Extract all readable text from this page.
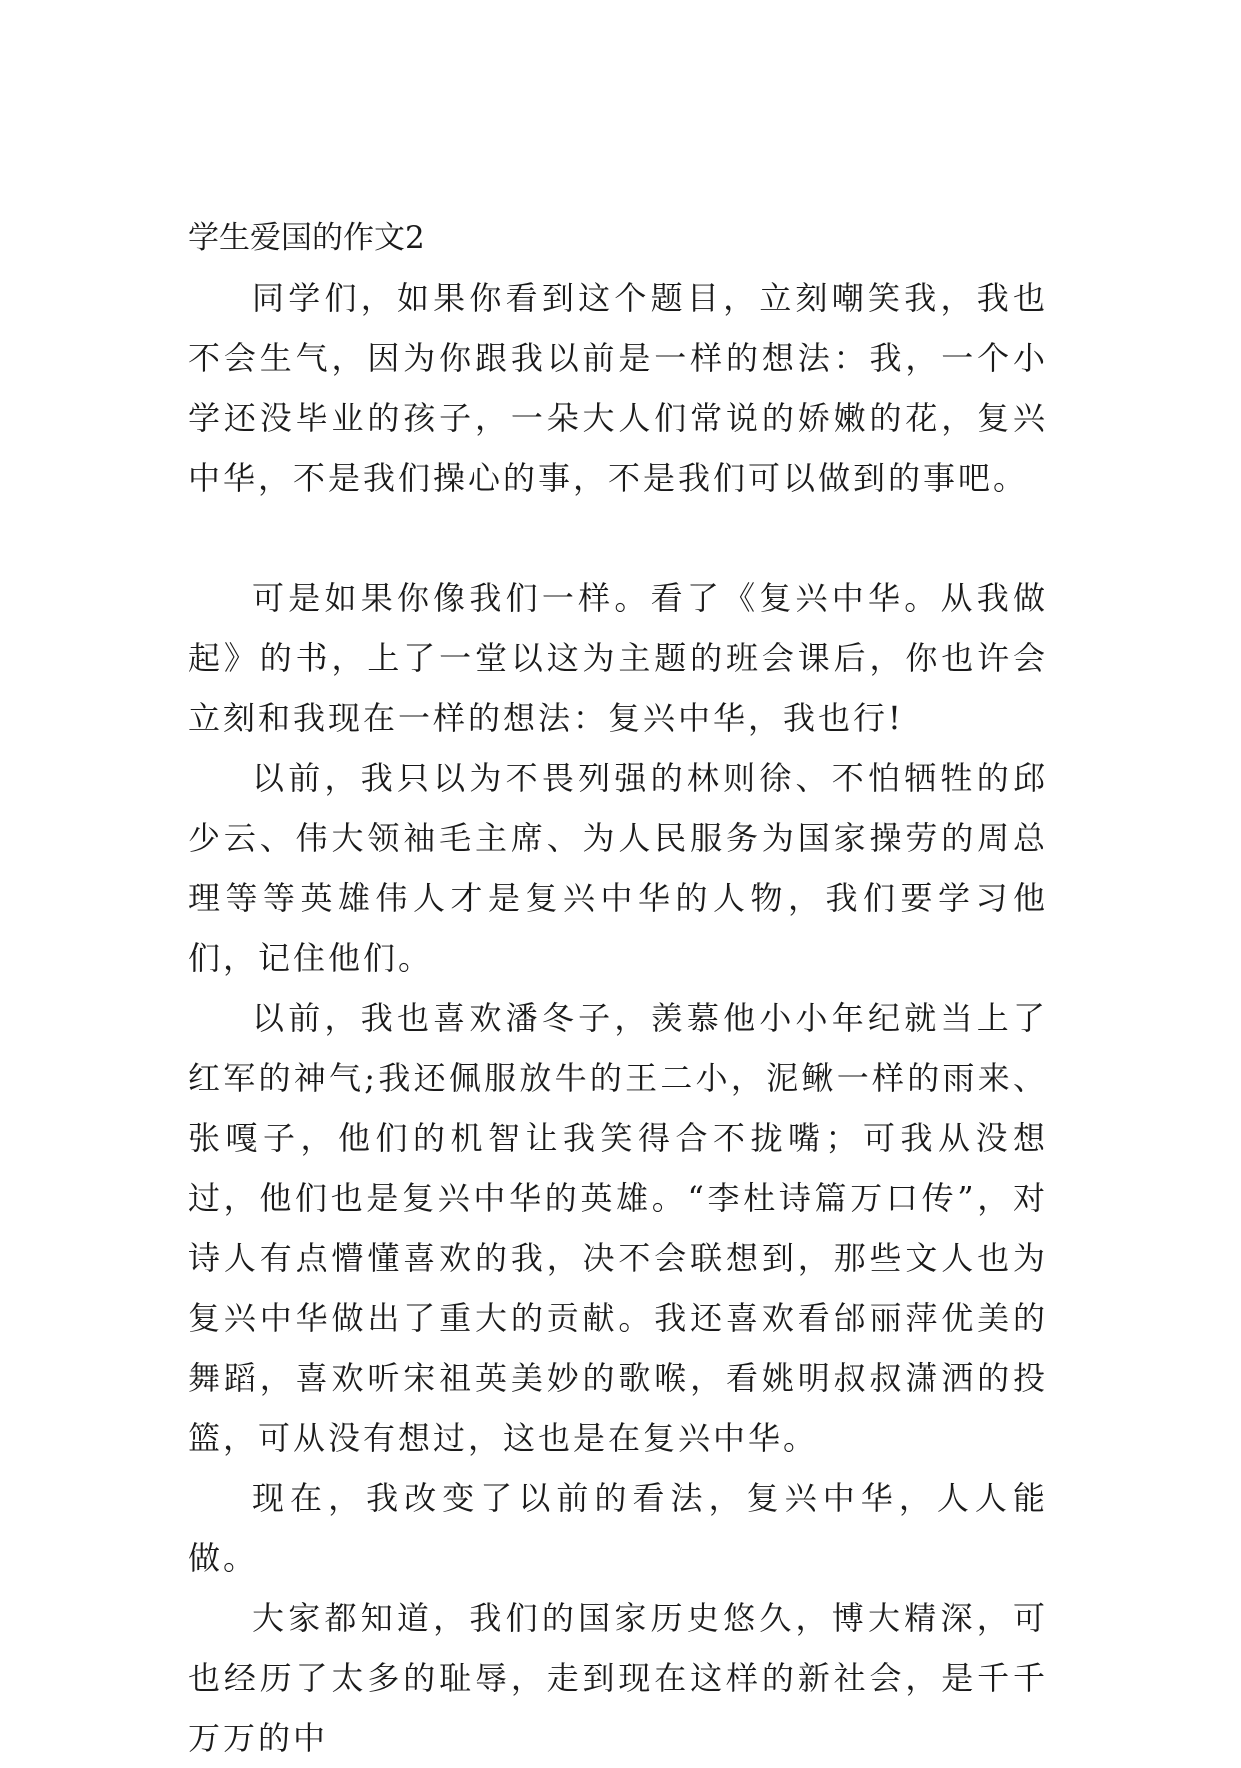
学生爱国的作文2

同学们，如果你看到这个题目，立刻嘲笑我，我也不会生气，因为你跟我以前是一样的想法：我，一个小学还没毕业的孩子，一朵大人们常说的娇嫩的花，复兴中华，不是我们操心的事，不是我们可以做到的事吧。

可是如果你像我们一样。看了《复兴中华。从我做起》的书，上了一堂以这为主题的班会课后，你也许会立刻和我现在一样的想法：复兴中华，我也行!

以前，我只以为不畏列强的林则徐、不怕牺牲的邱少云、伟大领袖毛主席、为人民服务为国家操劳的周总理等等英雄伟人才是复兴中华的人物，我们要学习他们，记住他们。

以前，我也喜欢潘冬子，羡慕他小小年纪就当上了红军的神气;我还佩服放牛的王二小，泥鳅一样的雨来、张嘎子，他们的机智让我笑得合不拢嘴；可我从没想过，他们也是复兴中华的英雄。“李杜诗篇万口传”，对诗人有点懵懂喜欢的我，决不会联想到，那些文人也为复兴中华做出了重大的贡献。我还喜欢看邰丽萍优美的舞蹈，喜欢听宋祖英美妙的歌喉，看姚明叔叔潇洒的投篮，可从没有想过，这也是在复兴中华。

现在，我改变了以前的看法，复兴中华，人人能做。

大家都知道，我们的国家历史悠久，博大精深，可也经历了太多的耻辱，走到现在这样的新社会，是千千万万的中
